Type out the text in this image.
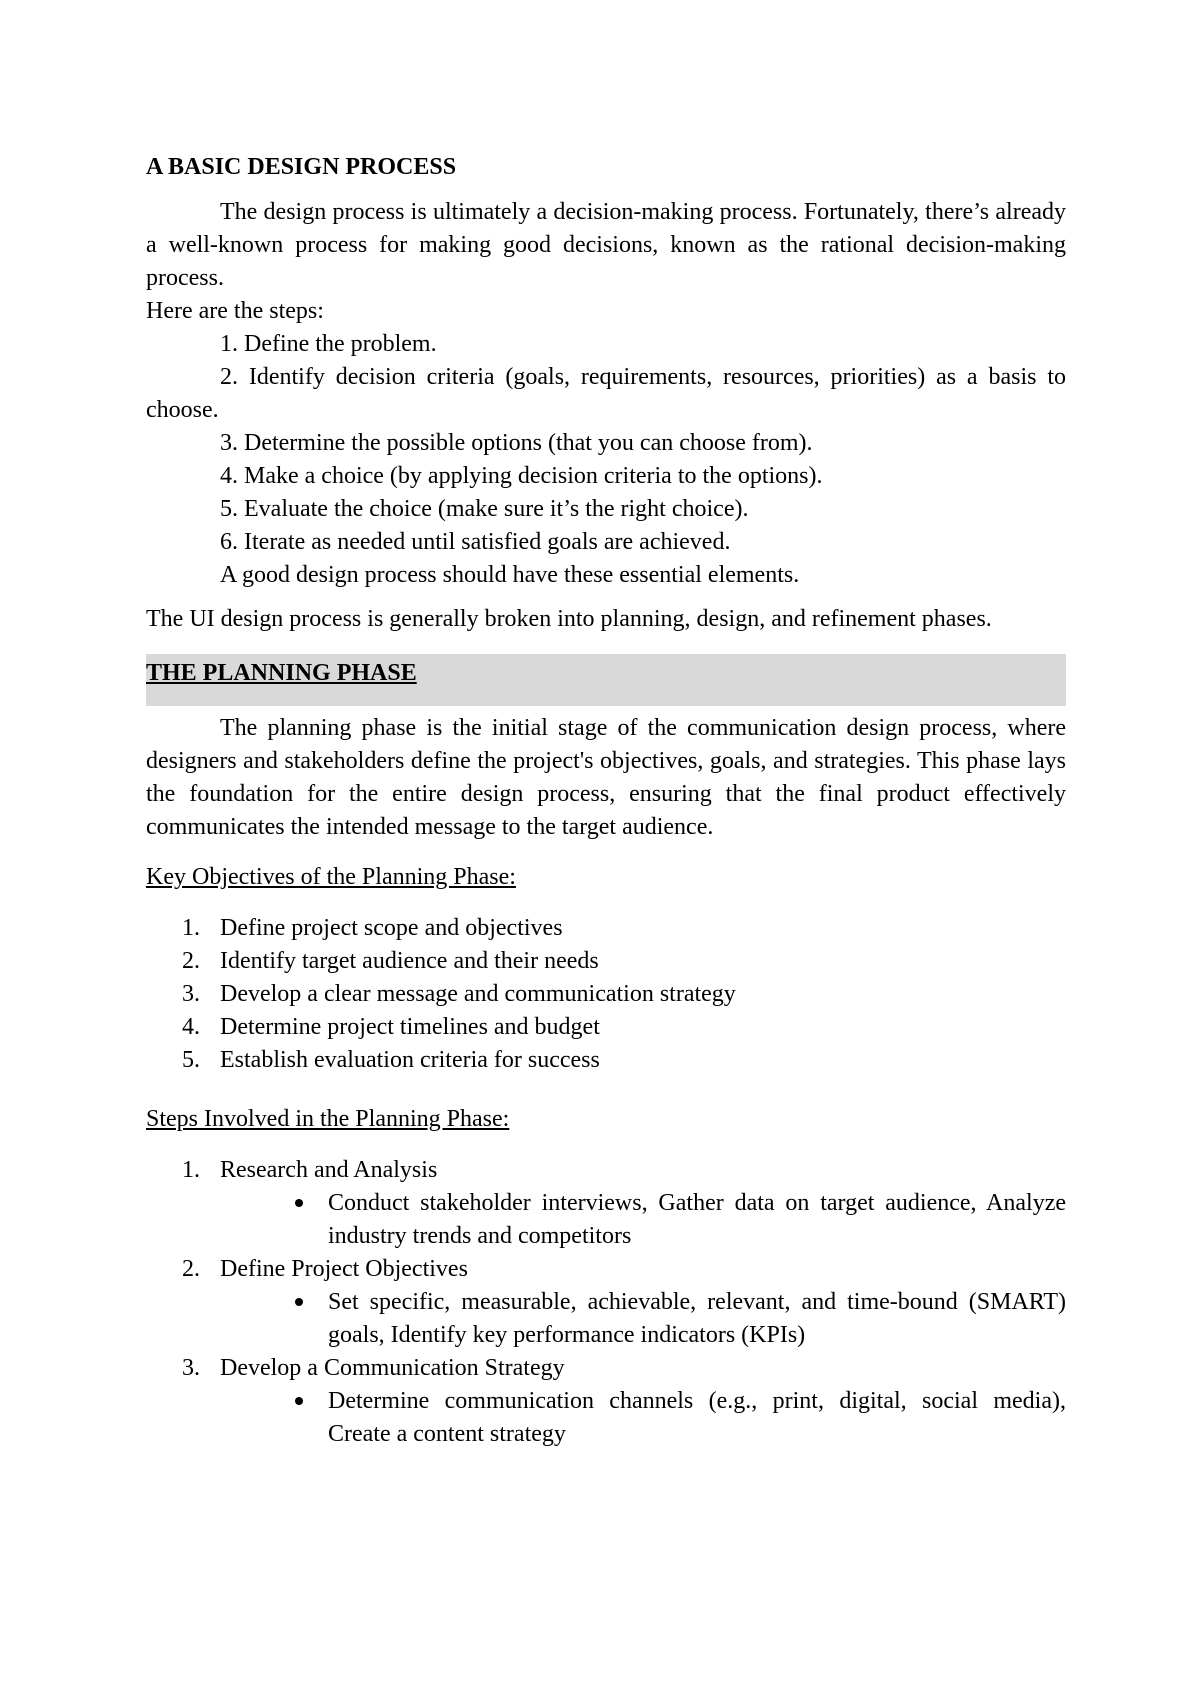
A BASIC DESIGN PROCESS

The design process is ultimately a decision-making process. Fortunately, there’s already a well-known process for making good decisions, known as the rational decision-making process.

Here are the steps:

1. Define the problem.

2. Identify decision criteria (goals, requirements, resources, priorities) as a basis to choose.

3. Determine the possible options (that you can choose from).

4. Make a choice (by applying decision criteria to the options).

5. Evaluate the choice (make sure it’s the right choice).

6. Iterate as needed until satisfied goals are achieved.

A good design process should have these essential elements.

The UI design process is generally broken into planning, design, and refinement phases.

THE PLANNING PHASE

The planning phase is the initial stage of the communication design process, where designers and stakeholders define the project's objectives, goals, and strategies. This phase lays the foundation for the entire design process, ensuring that the final product effectively communicates the intended message to the target audience.

Key Objectives of the Planning Phase:

1. Define project scope and objectives
2. Identify target audience and their needs
3. Develop a clear message and communication strategy
4. Determine project timelines and budget
5. Establish evaluation criteria for success

Steps Involved in the Planning Phase:

1. Research and Analysis
Conduct stakeholder interviews, Gather data on target audience, Analyze industry trends and competitors
2. Define Project Objectives
Set specific, measurable, achievable, relevant, and time-bound (SMART) goals, Identify key performance indicators (KPIs)
3. Develop a Communication Strategy
Determine communication channels (e.g., print, digital, social media), Create a content strategy
